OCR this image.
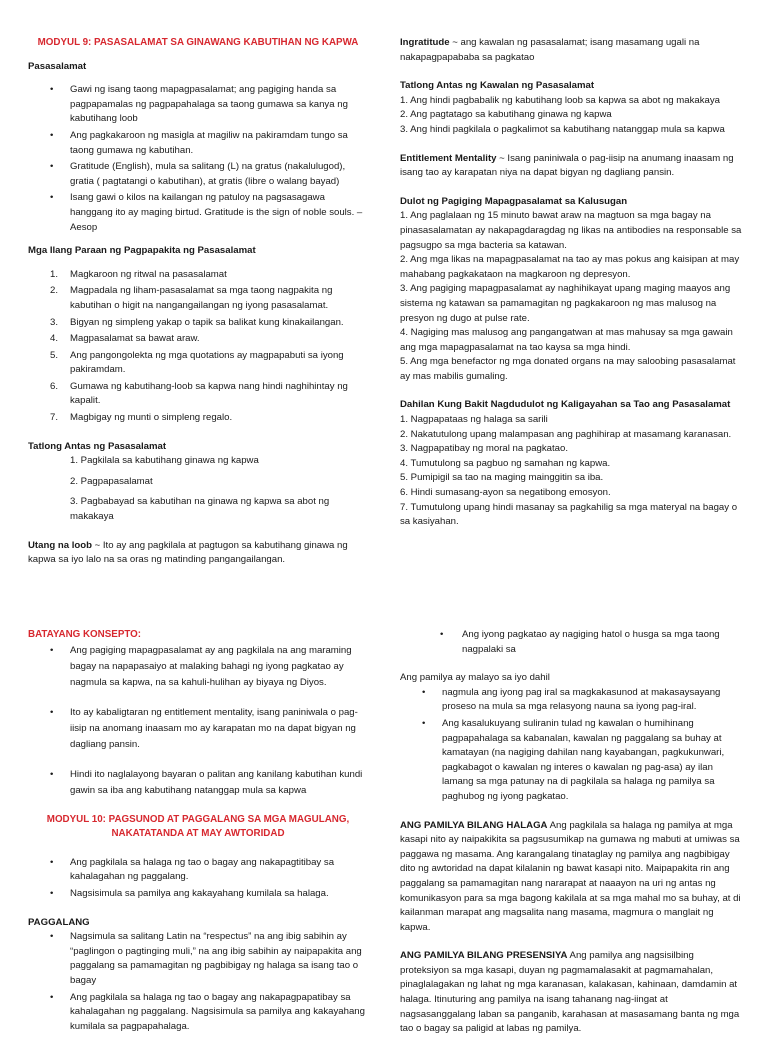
MODYUL 9: PASASALAMAT SA GINAWANG KABUTIHAN NG KAPWA

Pasasalamat

• Gawi ng isang taong mapagpasalamat; ang pagiging handa sa pagpapamalas ng pagpapahalaga sa taong gumawa sa kanya ng kabutihang loob
• Ang pagkakaroon ng masigla at magiliw na pakiramdam tungo sa taong gumawa ng kabutihan.
• Gratitude (English), mula sa salitang (L) na gratus (nakalulugod), gratia ( pagtatangi o kabutihan), at gratis (libre o walang bayad)
• Isang gawi o kilos na kailangan ng patuloy na pagsasagawa hanggang ito ay maging birtud. Gratitude is the sign of noble souls. – Aesop

Mga Ilang Paraan ng Pagpapakita ng Pasasalamat

1. Magkaroon ng ritwal na pasasalamat
2. Magpadala ng liham-pasasalamat sa mga taong nagpakita ng kabutihan o higit na nangangailangan ng iyong pasasalamat.
3. Bigyan ng simpleng yakap o tapik sa balikat kung kinakailangan.
4. Magpasalamat sa bawat araw.
5. Ang pangongolekta ng mga quotations ay magpapabuti sa iyong pakiramdam.
6. Gumawa ng kabutihang-loob sa kapwa nang hindi naghihintay ng kapalit.
7. Magbigay ng munti o simpleng regalo.

Tatlong Antas ng Pasasalamat

1. Pagkilala sa kabutihang ginawa ng kapwa

2. Pagpapasalamat

3. Pagbabayad sa kabutihan na ginawa ng kapwa sa abot ng makakaya

Utang na loob ~ Ito ay ang pagkilala at pagtugon sa kabutihang ginawa ng kapwa sa iyo lalo na sa oras ng matinding pangangailangan.

Ingratitude ~ ang kawalan ng pasasalamat; isang masamang ugali na nakapagpapababa sa pagkatao

Tatlong Antas ng Kawalan ng Pasasalamat

1. Ang hindi pagbabalik ng kabutihang loob sa kapwa sa abot ng makakaya

2. Ang pagtatago sa kabutihang ginawa ng kapwa

3. Ang hindi pagkilala o pagkalimot sa kabutihang natanggap mula sa kapwa

Entitlement Mentality ~ Isang paniniwala o pag-iisip na anumang inaasam ng isang tao ay karapatan niya na dapat bigyan ng dagliang pansin.

Dulot ng Pagiging Mapagpasalamat sa Kalusugan

1. Ang paglalaan ng 15 minuto bawat araw na magtuon sa mga bagay na pinasasalamatan ay nakapagdaragdag ng likas na antibodies na responsable sa pagsugpo sa mga bacteria sa katawan.

2. Ang mga likas na mapagpasalamat na tao ay mas pokus ang kaisipan at may mahabang pagkakataon na magkaroon ng depresyon.

3. Ang pagiging mapagpasalamat ay naghihikayat upang maging maayos ang sistema ng katawan sa pamamagitan ng pagkakaroon ng mas malusog na presyon ng dugo at pulse rate.

4. Nagiging mas malusog ang pangangatwan at mas mahusay sa mga gawain ang mga mapagpasalamat na tao kaysa sa mga hindi.

5. Ang mga benefactor ng mga donated organs na may saloobing pasasalamat ay mas mabilis gumaling.

Dahilan Kung Bakit Nagdudulot ng Kaligayahan sa Tao ang Pasasalamat

1. Nagpapataas ng halaga sa sarili

2. Nakatutulong upang malampasan ang paghihirap at masamang karanasan.

3. Nagpapatibay ng moral na pagkatao.

4. Tumutulong sa pagbuo ng samahan ng kapwa.

5. Pumipigil sa tao na maging mainggitin sa iba.

6. Hindi sumasang-ayon sa negatibong emosyon.

7. Tumutulong upang hindi masanay sa pagkahilig sa mga materyal na bagay o sa kasiyahan.

BATAYANG KONSEPTO:

• Ang pagiging mapagpasalamat ay ang pagkilala na ang maraming bagay na napapasaiyo at malaking bahagi ng iyong pagkatao ay nagmula sa kapwa, na sa kahuli-hulihan ay biyaya ng Diyos.
• Ito ay kabaligtaran ng entitlement mentality, isang paniniwala o pag-iisip na anomang inaasam mo ay karapatan mo na dapat bigyan ng dagliang pansin.
• Hindi ito naglalayong bayaran o palitan ang kanilang kabutihan kundi gawin sa iba ang kabutihang natanggap mula sa kapwa

MODYUL 10: PAGSUNOD AT PAGGALANG SA MGA MAGULANG,

NAKATATANDA AT MAY AWTORIDAD

• Ang pagkilala sa halaga ng tao o bagay ang nakapagtitibay sa kahalagahan ng paggalang.
• Nagsisimula sa pamilya ang kakayahang kumilala sa halaga.

PAGGALANG

• Nagsimula sa salitang Latin na “respectus” na ang ibig sabihin ay “paglingon o pagtinging muli,” na ang ibig sabihin ay naipapakita ang paggalang sa pamamagitan ng pagbibigay ng halaga sa isang tao o bagay
• Ang pagkilala sa halaga ng tao o bagay ang nakapagpapatibay sa kahalagahan ng paggalang. Nagsisimula sa pamilya ang kakayahang kumilala sa pagpapahalaga.
• Ang iyong pagkatao ay nagiging hatol o husga sa mga taong nagpalaki sa

Ang pamilya ay malayo sa iyo dahil

• nagmula ang iyong pag iral sa magkakasunod at makasaysayang proseso na mula sa mga relasyong nauna sa iyong pag-iral.
• Ang kasalukuyang suliranin tulad ng kawalan o humihinang pagpapahalaga sa kabanalan, kawalan ng paggalang sa buhay at kamatayan (na nagiging dahilan nang kayabangan, pagkukunwari, pagkabagot o kawalan ng interes o kawalan ng pag-asa) ay ilan lamang sa mga patunay na di pagkilala sa halaga ng pamilya sa paghubog ng iyong pagkatao.

ANG PAMILYA BILANG HALAGA Ang pagkilala sa halaga ng pamilya at mga kasapi nito ay naipakikita sa pagsusumikap na gumawa ng mabuti at umiwas sa paggawa ng masama. Ang karangalang tinataglay ng pamilya ang nagbibigay dito ng awtoridad na dapat kilalanin ng bawat kasapi nito. Maipapakita rin ang paggalang sa pamamagitan nang nararapat at naaayon na uri ng antas ng komunikasyon para sa mga bagong kakilala at sa mga mahal mo sa buhay, at di kailanman marapat ang magsalita nang masama, magmura o manglait ng kapwa.

ANG PAMILYA BILANG PRESENSIYA Ang pamilya ang nagsisilbing proteksiyon sa mga kasapi, duyan ng pagmamalasakit at pagmamahalan, pinaglalagakan ng lahat ng mga karanasan, kalakasan, kahinaan, damdamin at halaga. Itinuturing ang pamilya na isang tahanang nag-iingat at nagsasanggalang laban sa panganib, karahasan at masasamang banta ng mga tao o bagay sa paligid at labas ng pamilya.
